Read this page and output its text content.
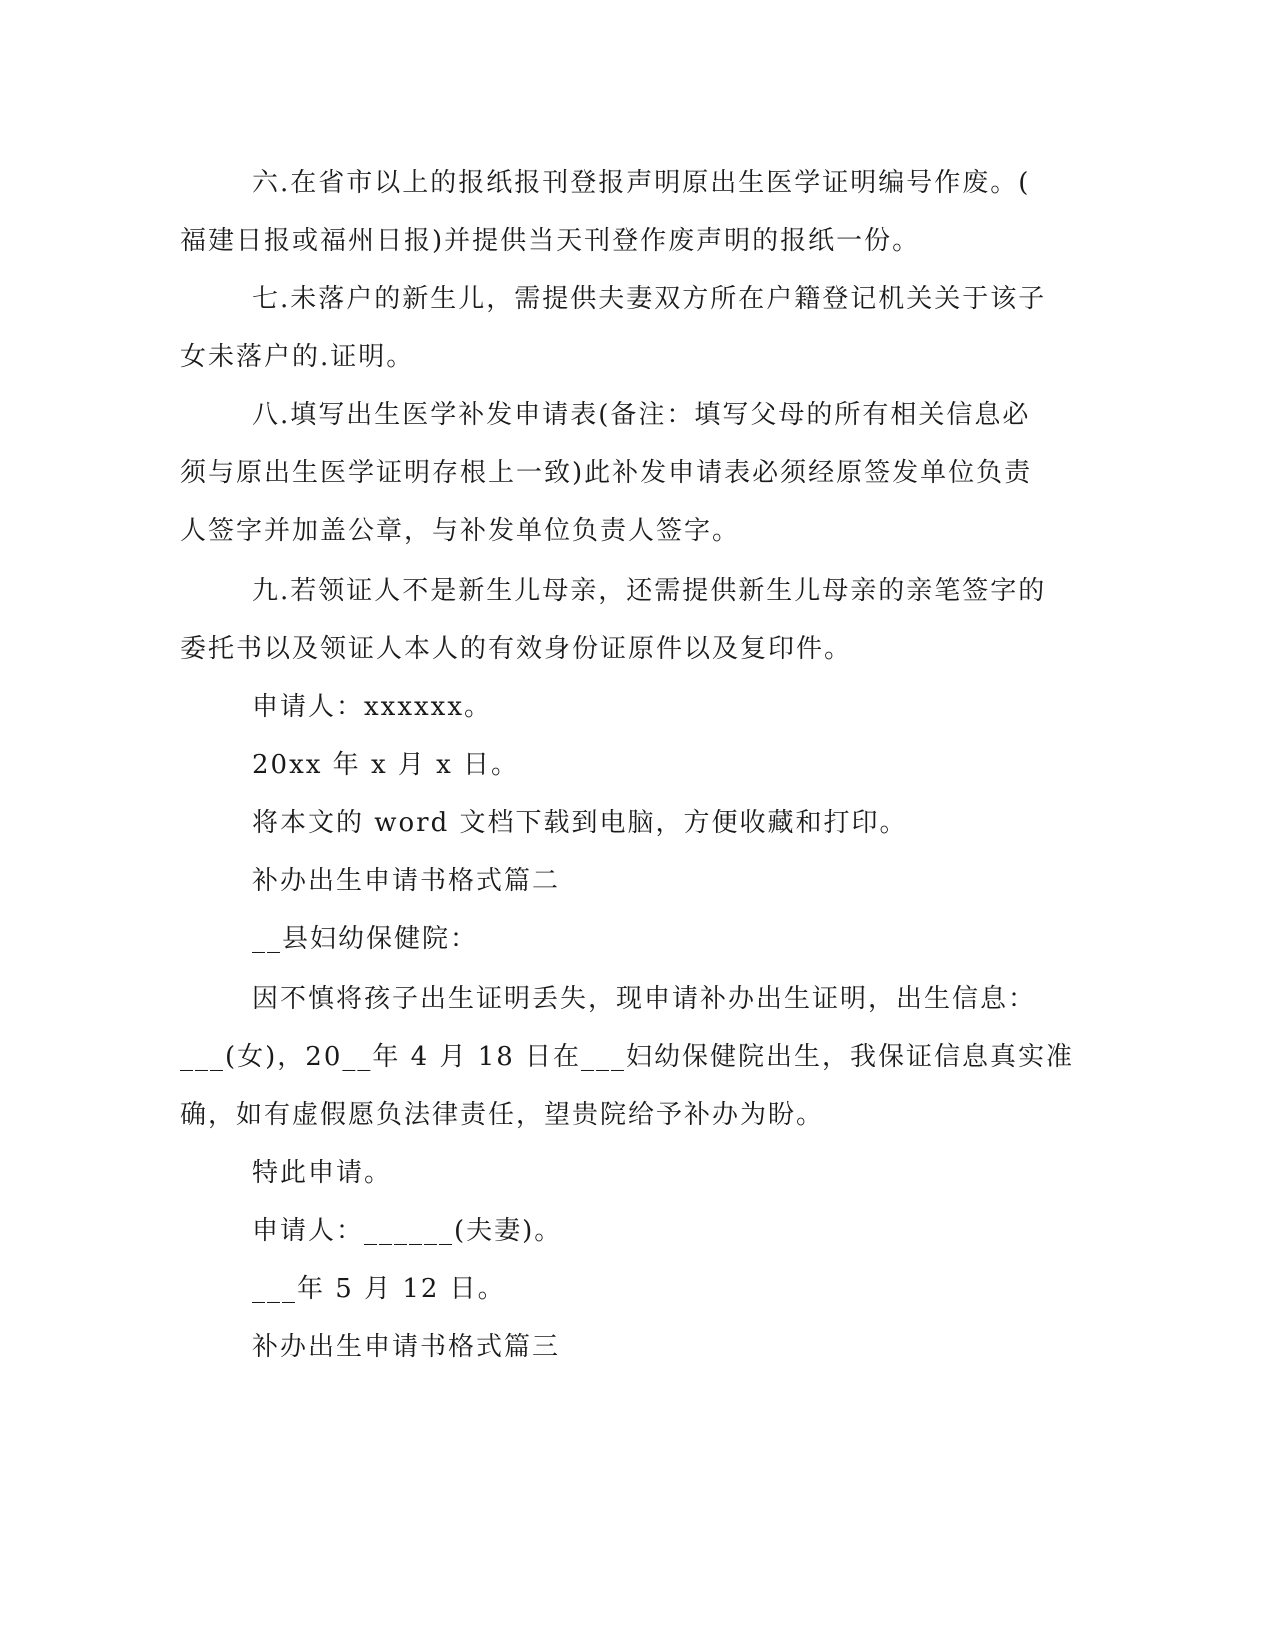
六.在省市以上的报纸报刊登报声明原出生医学证明编号作废。(
福建日报或福州日报)并提供当天刊登作废声明的报纸一份。
七.未落户的新生儿，需提供夫妻双方所在户籍登记机关关于该子
女未落户的.证明。
八.填写出生医学补发申请表(备注：填写父母的所有相关信息必
须与原出生医学证明存根上一致)此补发申请表必须经原签发单位负责
人签字并加盖公章，与补发单位负责人签字。
九.若领证人不是新生儿母亲，还需提供新生儿母亲的亲笔签字的
委托书以及领证人本人的有效身份证原件以及复印件。
申请人：xxxxxx。
20xx 年 x 月 x 日。
将本文的 word 文档下载到电脑，方便收藏和打印。
补办出生申请书格式篇二
__县妇幼保健院：
因不慎将孩子出生证明丢失，现申请补办出生证明，出生信息：
___(女)，20__年 4 月 18 日在___妇幼保健院出生，我保证信息真实准
确，如有虚假愿负法律责任，望贵院给予补办为盼。
特此申请。
申请人：______(夫妻)。
___年 5 月 12 日。
补办出生申请书格式篇三
